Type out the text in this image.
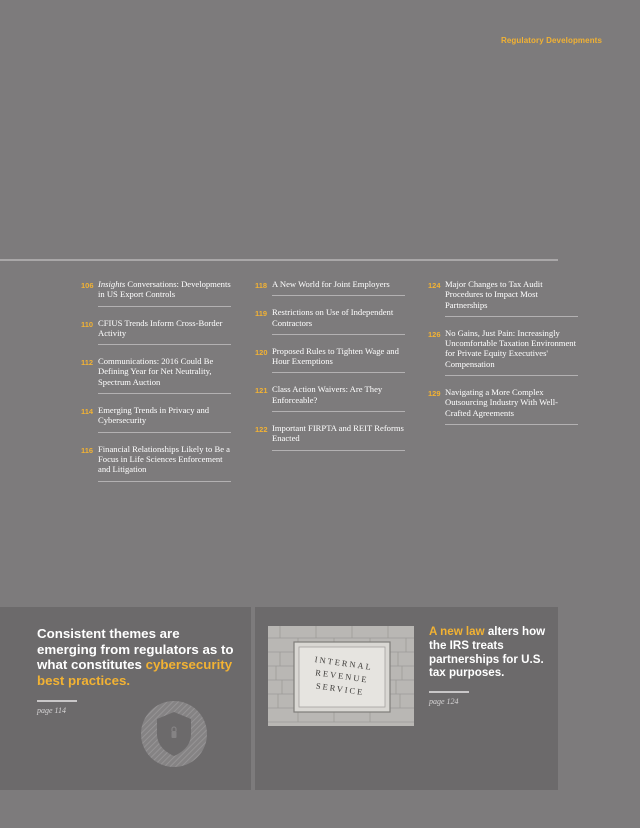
Regulatory Developments
106 Insights Conversations: Developments in US Export Controls
110 CFIUS Trends Inform Cross-Border Activity
112 Communications: 2016 Could Be Defining Year for Net Neutrality, Spectrum Auction
114 Emerging Trends in Privacy and Cybersecurity
116 Financial Relationships Likely to Be a Focus in Life Sciences Enforcement and Litigation
118 A New World for Joint Employers
119 Restrictions on Use of Independent Contractors
120 Proposed Rules to Tighten Wage and Hour Exemptions
121 Class Action Waivers: Are They Enforceable?
122 Important FIRPTA and REIT Reforms Enacted
124 Major Changes to Tax Audit Procedures to Impact Most Partnerships
126 No Gains, Just Pain: Increasingly Uncomfortable Taxation Environment for Private Equity Executives' Compensation
129 Navigating a More Complex Outsourcing Industry With Well-Crafted Agreements
Consistent themes are emerging from regulators as to what constitutes cybersecurity best practices.
page 114
INTERNAL
REVENUE
SERVICE
A new law alters how the IRS treats partnerships for U.S. tax purposes.
page 124
